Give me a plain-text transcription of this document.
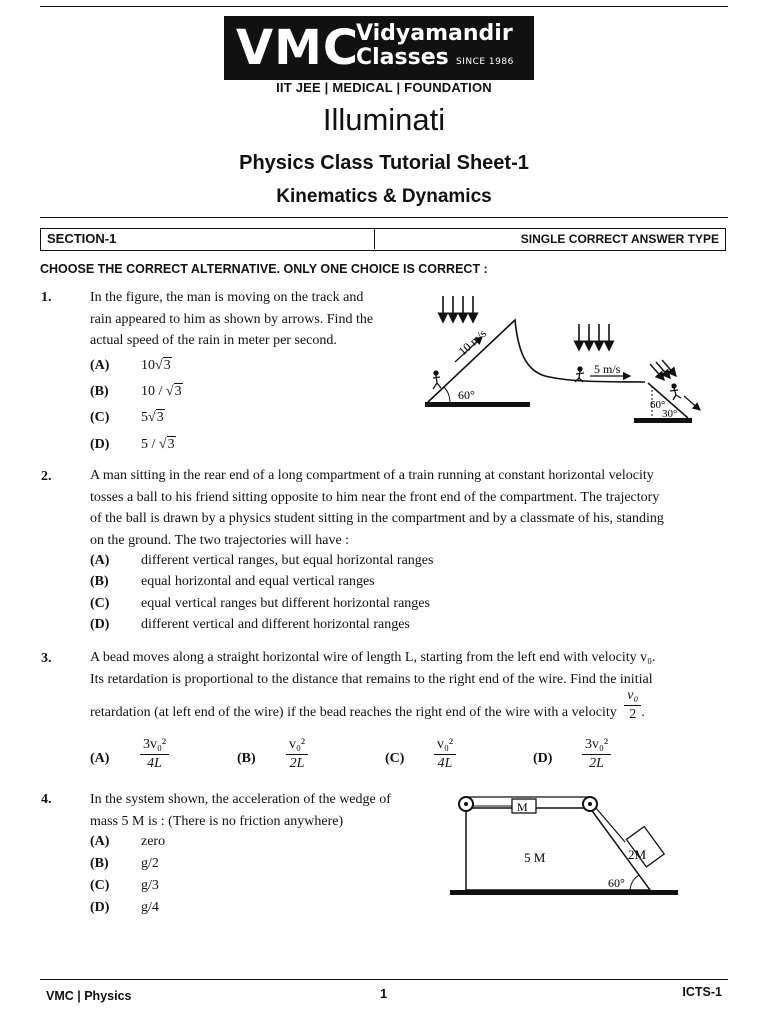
VMC
Vidyamandir
Classes SINCE 1986
IIT JEE | MEDICAL | FOUNDATION
Illuminati
Physics Class Tutorial Sheet-1
Kinematics & Dynamics
SECTION-1	SINGLE CORRECT ANSWER TYPE
CHOOSE THE CORRECT ALTERNATIVE. ONLY ONE CHOICE IS CORRECT :
1.	In the figure, the man is moving on the track and
rain appeared to him as shown by arrows. Find the
actual speed of the rain in meter per second.
(A) 10√3
(B) 10 / √3
(C) 5√3
(D) 5 / √3
60°
10 m/s
5 m/s
60°
30°
2.	A man sitting in the rear end of a long compartment of a train running at constant horizontal velocity
tosses a ball to his friend sitting opposite to him near the front end of the compartment. The trajectory
of the ball is drawn by a physics student sitting in the compartment and by a classmate of his, standing
on the ground. The two trajectories will have :
(A) different vertical ranges, but equal horizontal ranges
(B) equal horizontal and equal vertical ranges
(C) equal vertical ranges but different horizontal ranges
(D) different vertical and different horizontal ranges
3.	A bead moves along a straight horizontal wire of length L, starting from the left end with velocity v₀.
Its retardation is proportional to the distance that remains to the right end of the wire. Find the initial
retardation (at left end of the wire) if the bead reaches the right end of the wire with a velocity $\frac{\text{v₀}}{2}$ .
$(A) \frac{\text{3v₀²}}{4L}$	$(B) \frac{\text{v₀²}}{2L}$	$(C) \frac{\text{v₀²}}{4L}$	$(D) \frac{\text{3v₀²}}{2L}$
4.	In the system shown, the acceleration of the wedge of
mass 5 M is : (There is no friction anywhere)
(A) zero
(B) g/2
(C) g/3
(D) g/4
M
5 M	2M
60°
VMC | Physics	1	ICTS-1
